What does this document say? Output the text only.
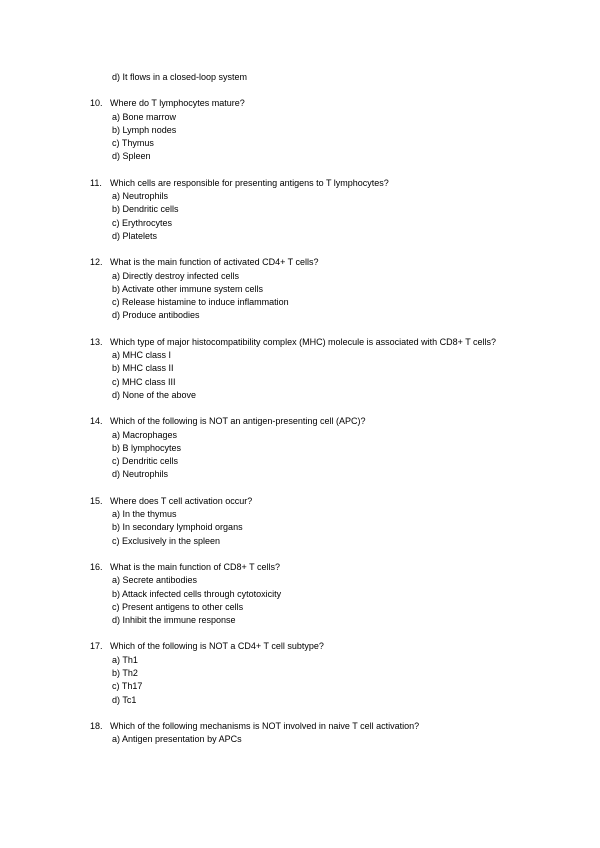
d) It flows in a closed-loop system
10. Where do T lymphocytes mature?
a) Bone marrow
b) Lymph nodes
c) Thymus
d) Spleen
11. Which cells are responsible for presenting antigens to T lymphocytes?
a) Neutrophils
b) Dendritic cells
c) Erythrocytes
d) Platelets
12. What is the main function of activated CD4+ T cells?
a) Directly destroy infected cells
b) Activate other immune system cells
c) Release histamine to induce inflammation
d) Produce antibodies
13. Which type of major histocompatibility complex (MHC) molecule is associated with CD8+ T cells?
a) MHC class I
b) MHC class II
c) MHC class III
d) None of the above
14. Which of the following is NOT an antigen-presenting cell (APC)?
a) Macrophages
b) B lymphocytes
c) Dendritic cells
d) Neutrophils
15. Where does T cell activation occur?
a) In the thymus
b) In secondary lymphoid organs
c) Exclusively in the spleen
16. What is the main function of CD8+ T cells?
a) Secrete antibodies
b) Attack infected cells through cytotoxicity
c) Present antigens to other cells
d) Inhibit the immune response
17. Which of the following is NOT a CD4+ T cell subtype?
a) Th1
b) Th2
c) Th17
d) Tc1
18. Which of the following mechanisms is NOT involved in naive T cell activation?
a) Antigen presentation by APCs
